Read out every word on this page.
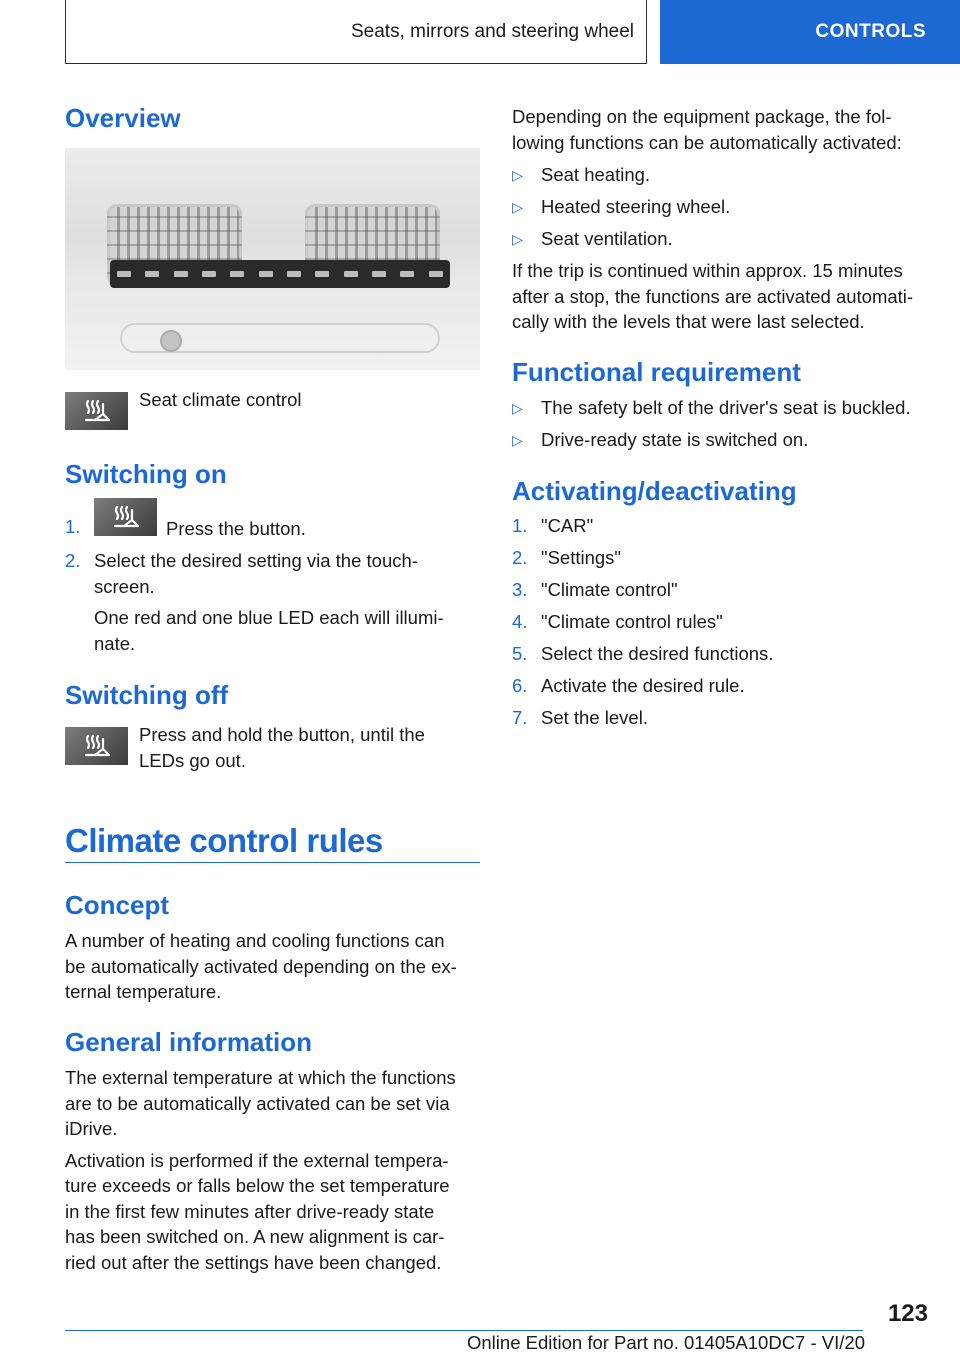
Seats, mirrors and steering wheel	CONTROLS
Overview

Seat climate control

Switching on
1.	Press the button.
2. Select the desired setting via the touch-
screen.
One red and one blue LED each will illumi-
nate.
Switching off
Press and hold the button, until the
LEDs go out.
Climate control rules
Concept
A number of heating and cooling functions can
be automatically activated depending on the ex-
ternal temperature.
General information
The external temperature at which the functions
are to be automatically activated can be set via
iDrive.
Activation is performed if the external tempera-
ture exceeds or falls below the set temperature
in the first few minutes after drive-ready state
has been switched on. A new alignment is car-
ried out after the settings have been changed.
Depending on the equipment package, the fol-
lowing functions can be automatically activated:
▷ Seat heating.
▷ Heated steering wheel.
▷ Seat ventilation.
If the trip is continued within approx. 15 minutes
after a stop, the functions are activated automati-
cally with the levels that were last selected.
Functional requirement
▷ The safety belt of the driver's seat is buckled.
▷ Drive-ready state is switched on.
Activating/deactivating
1. "CAR"
2. "Settings"
3. "Climate control"
4. "Climate control rules"
5. Select the desired functions.
6. Activate the desired rule.
7. Set the level.
123
Online Edition for Part no. 01405A10DC7 - VI/20
